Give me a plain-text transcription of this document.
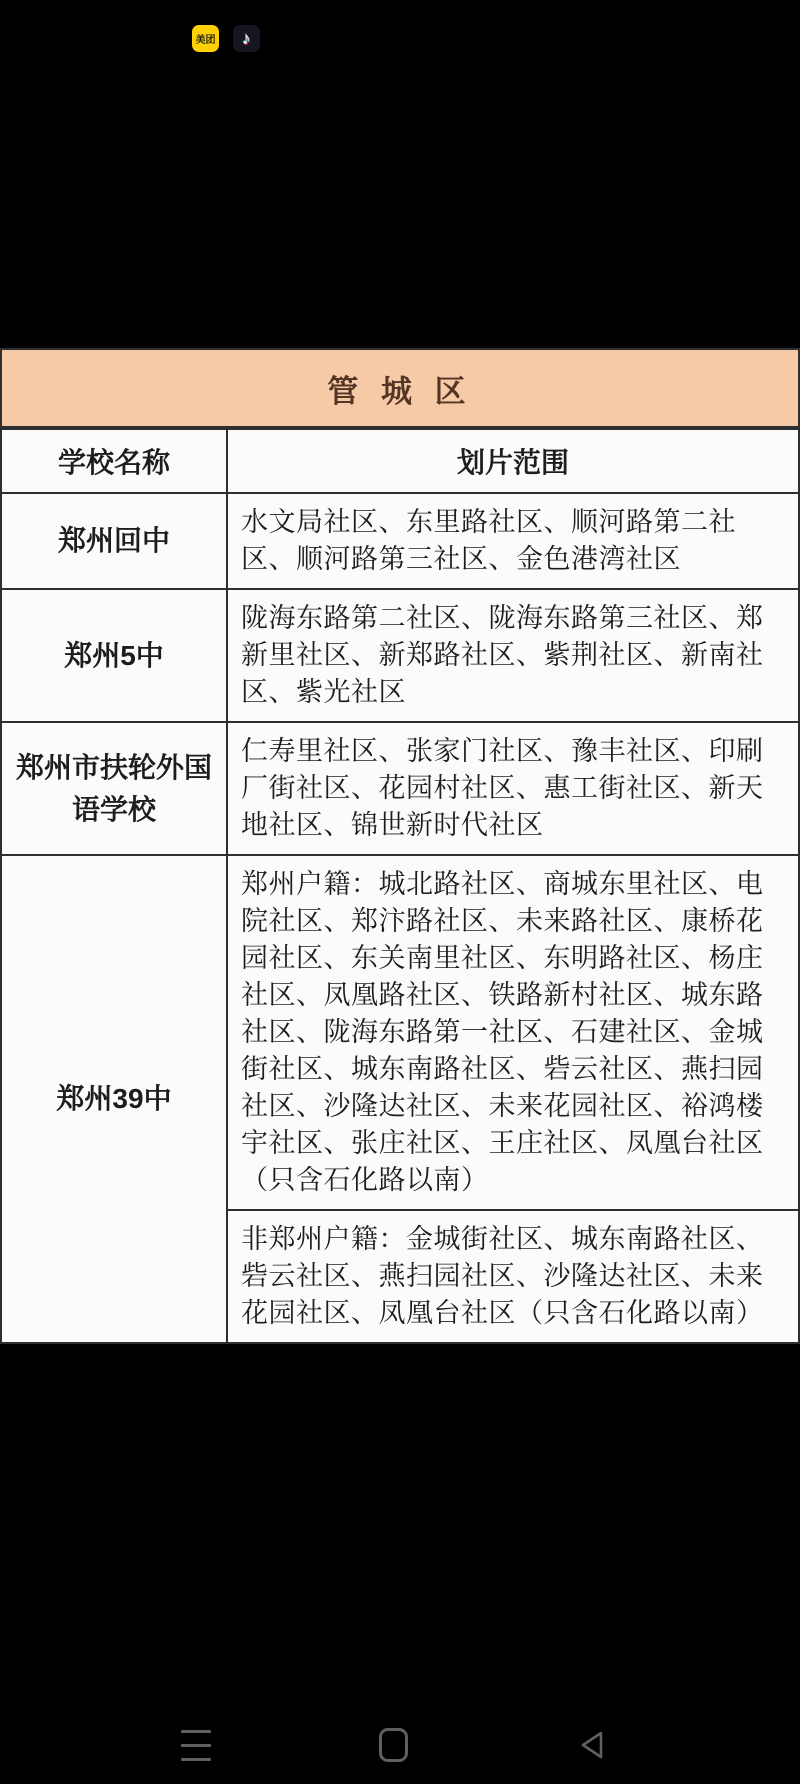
美团 ♪
管 城 区
学校名称	划片范围
郑州回中	水文局社区、东里路社区、顺河路第二社区、顺河路第三社区、金色港湾社区
郑州5中	陇海东路第二社区、陇海东路第三社区、郑新里社区、新郑路社区、紫荆社区、新南社区、紫光社区
郑州市扶轮外国语学校	仁寿里社区、张家门社区、豫丰社区、印刷厂街社区、花园村社区、惠工街社区、新天地社区、锦世新时代社区
郑州39中	郑州户籍：城北路社区、商城东里社区、电院社区、郑汴路社区、未来路社区、康桥花园社区、东关南里社区、东明路社区、杨庄社区、凤凰路社区、铁路新村社区、城东路社区、陇海东路第一社区、石建社区、金城街社区、城东南路社区、砦云社区、燕扫园社区、沙隆达社区、未来花园社区、裕鸿楼宇社区、张庄社区、王庄社区、凤凰台社区（只含石化路以南）
	非郑州户籍：金城街社区、城东南路社区、砦云社区、燕扫园社区、沙隆达社区、未来花园社区、凤凰台社区（只含石化路以南）
